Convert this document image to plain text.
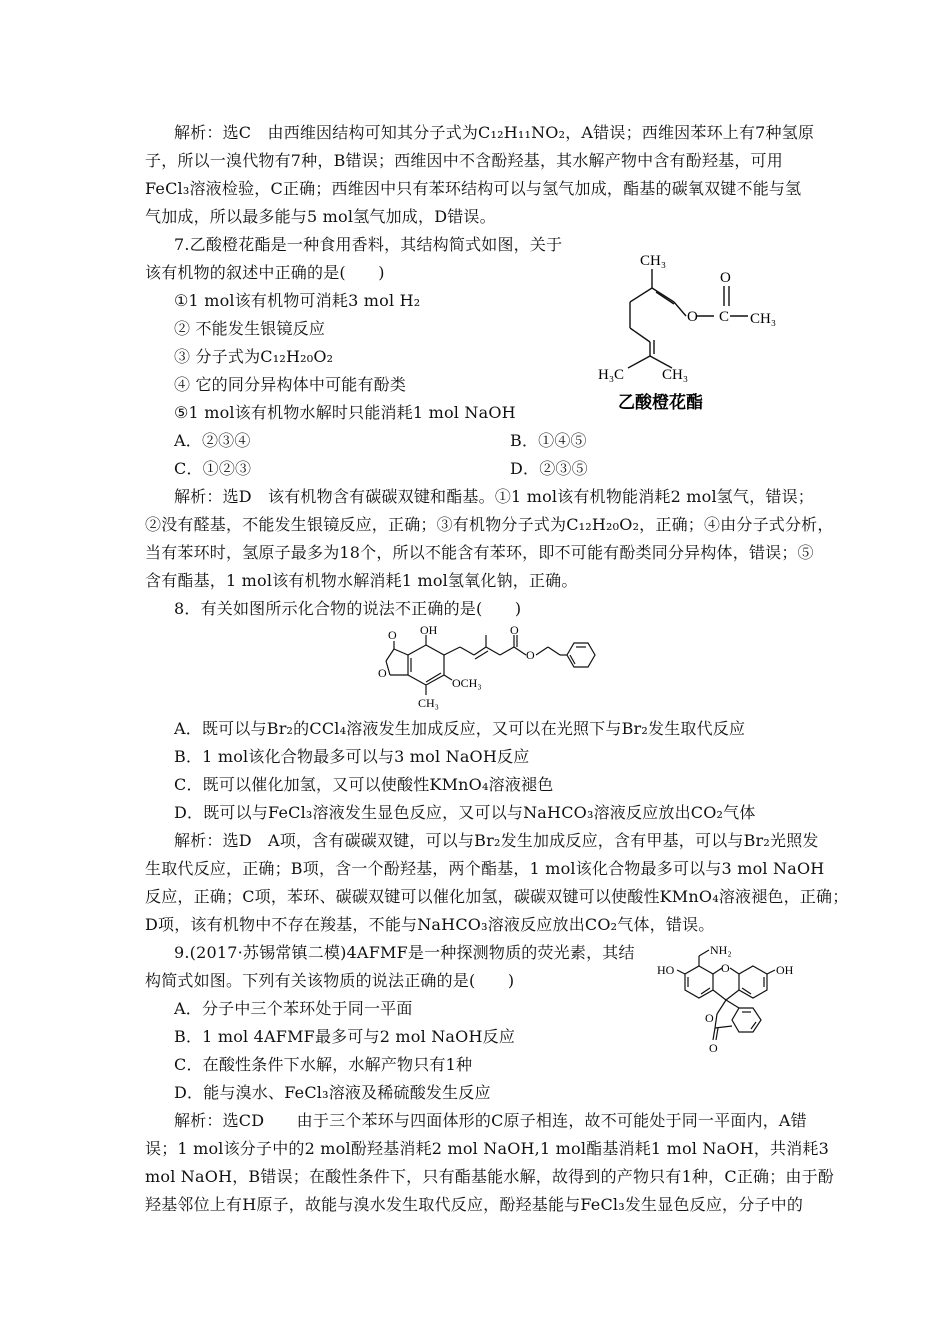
解析：选C　由西维因结构可知其分子式为C₁₂H₁₁NO₂，A错误；西维因苯环上有7种氢原
子，所以一溴代物有7种，B错误；西维因中不含酚羟基，其水解产物中含有酚羟基，可用
FeCl₃溶液检验，C正确；西维因中只有苯环结构可以与氢气加成，酯基的碳氧双键不能与氢
气加成，所以最多能与5 mol氢气加成，D错误。
7.乙酸橙花酯是一种食用香料，其结构简式如图，关于
该有机物的叙述中正确的是(　　)
①1 mol该有机物可消耗3 mol H₂
② 不能发生银镜反应
③ 分子式为C₁₂H₂₀O₂
④ 它的同分异构体中可能有酚类
⑤1 mol该有机物水解时只能消耗1 mol NaOH
A．②③④	B．①④⑤
C．①②③	D．②③⑤
CH₃
O C
O
CH₃
H₃C	CH₃
乙酸橙花酯
解析：选D　该有机物含有碳碳双键和酯基。①1 mol该有机物能消耗2 mol氢气，错误；
②没有醛基，不能发生银镜反应，正确；③有机物分子式为C₁₂H₂₀O₂，正确；④由分子式分析，
当有苯环时，氢原子最多为18个，所以不能含有苯环，即不可能有酚类同分异构体，错误；⑤
含有酯基，1 mol该有机物水解消耗1 mol氢氧化钠，正确。
8．有关如图所示化合物的说法不正确的是(　　)
O
O
OH
OCH₃
CH₃
O
O
A．既可以与Br₂的CCl₄溶液发生加成反应，又可以在光照下与Br₂发生取代反应
B．1 mol该化合物最多可以与3 mol NaOH反应
C．既可以催化加氢，又可以使酸性KMnO₄溶液褪色
D．既可以与FeCl₃溶液发生显色反应，又可以与NaHCO₃溶液反应放出CO₂气体
解析：选D　A项，含有碳碳双键，可以与Br₂发生加成反应，含有甲基，可以与Br₂光照发
生取代反应，正确；B项，含一个酚羟基，两个酯基，1 mol该化合物最多可以与3 mol NaOH
反应，正确；C项，苯环、碳碳双键可以催化加氢，碳碳双键可以使酸性KMnO₄溶液褪色，正确；
D项，该有机物中不存在羧基，不能与NaHCO₃溶液反应放出CO₂气体，错误。
9.(2017·苏锡常镇二模)4AFMF是一种探测物质的荧光素，其结
构简式如图。下列有关该物质的说法正确的是(　　)
A．分子中三个苯环处于同一平面
B．1 mol 4AFMF最多可与2 mol NaOH反应
C．在酸性条件下水解，水解产物只有1种
D．能与溴水、FeCl₃溶液及稀硫酸发生反应
NH₂
HO	OH
O
O
O
解析：选CD　　由于三个苯环与四面体形的C原子相连，故不可能处于同一平面内，A错
误；1 mol该分子中的2 mol酚羟基消耗2 mol NaOH,1 mol酯基消耗1 mol NaOH，共消耗3
mol NaOH，B错误；在酸性条件下，只有酯基能水解，故得到的产物只有1种，C正确；由于酚
羟基邻位上有H原子，故能与溴水发生取代反应，酚羟基能与FeCl₃发生显色反应，分子中的
